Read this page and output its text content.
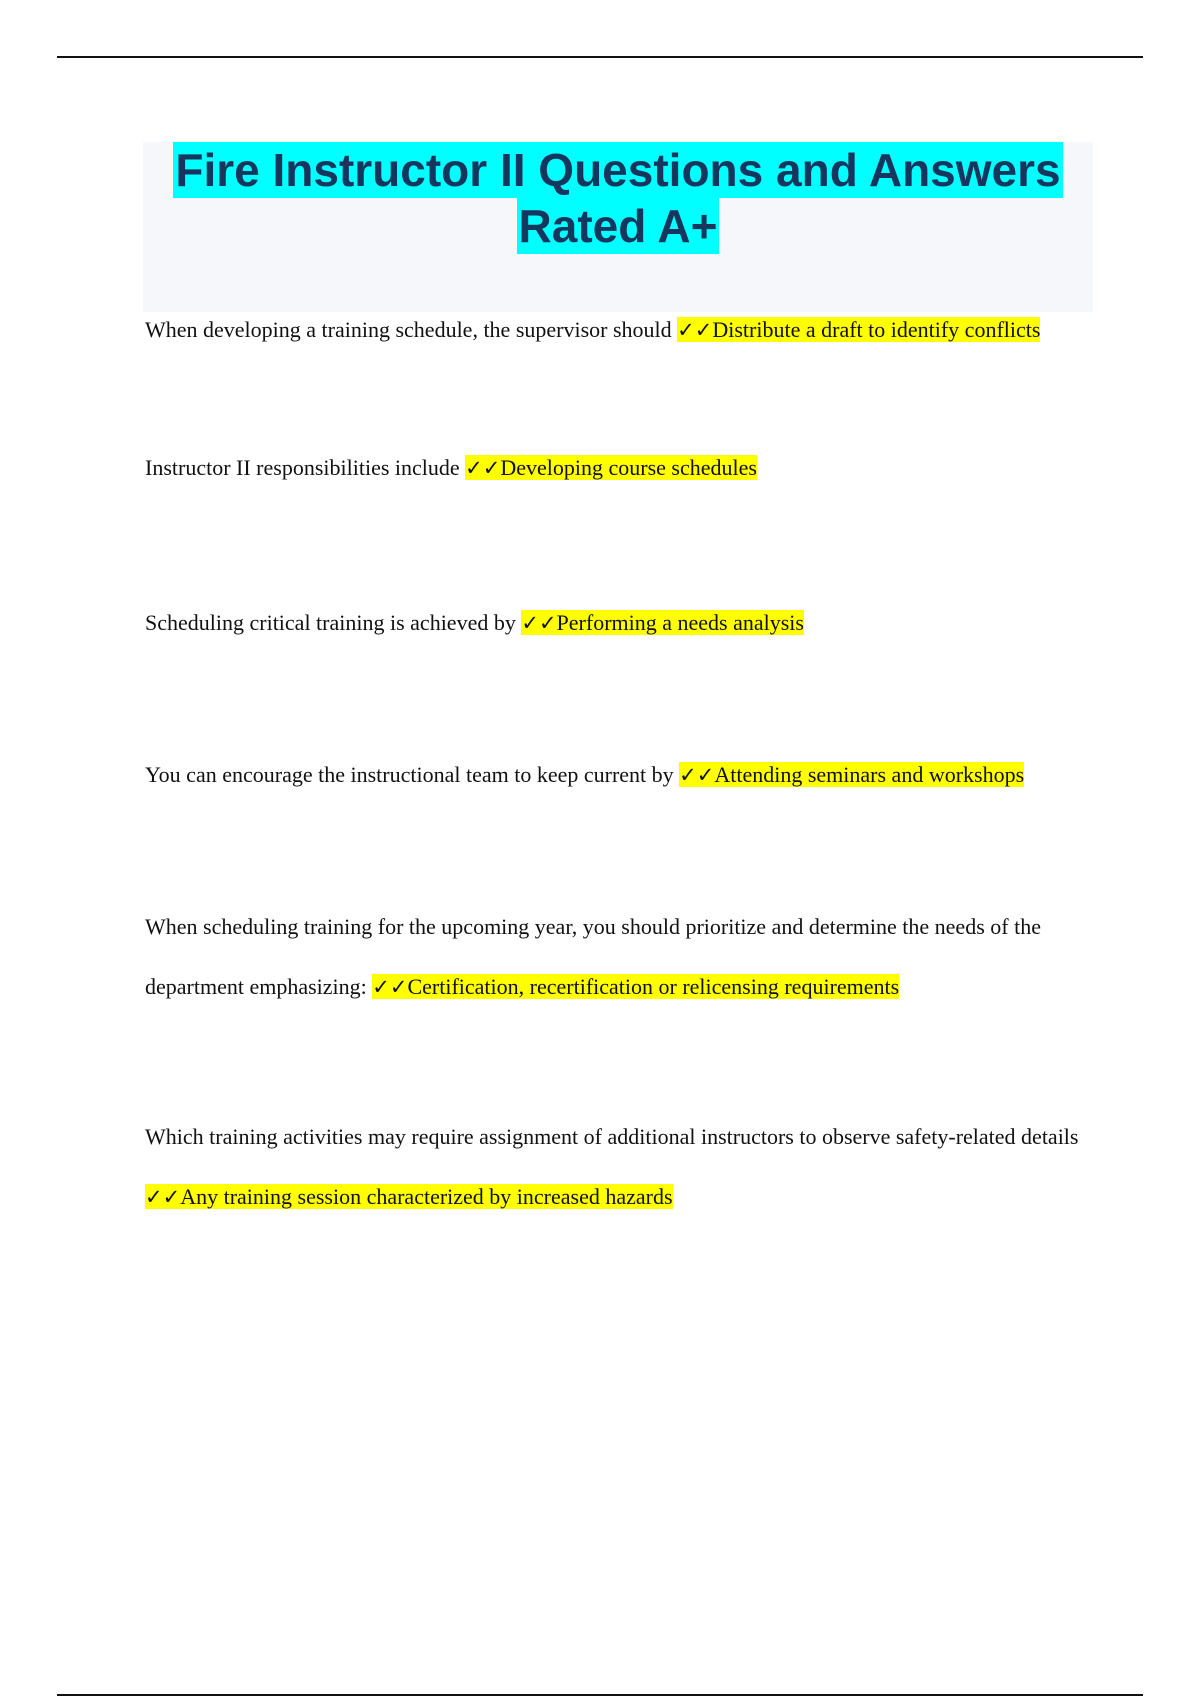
Fire Instructor II Questions and Answers
Rated A+

When developing a training schedule, the supervisor should ✓✓Distribute a draft to identify conflicts

Instructor II responsibilities include ✓✓Developing course schedules

Scheduling critical training is achieved by ✓✓Performing a needs analysis

You can encourage the instructional team to keep current by ✓✓Attending seminars and workshops

When scheduling training for the upcoming year, you should prioritize and determine the needs of the department emphasizing: ✓✓Certification, recertification or relicensing requirements

Which training activities may require assignment of additional instructors to observe safety-related details ✓✓Any training session characterized by increased hazards
